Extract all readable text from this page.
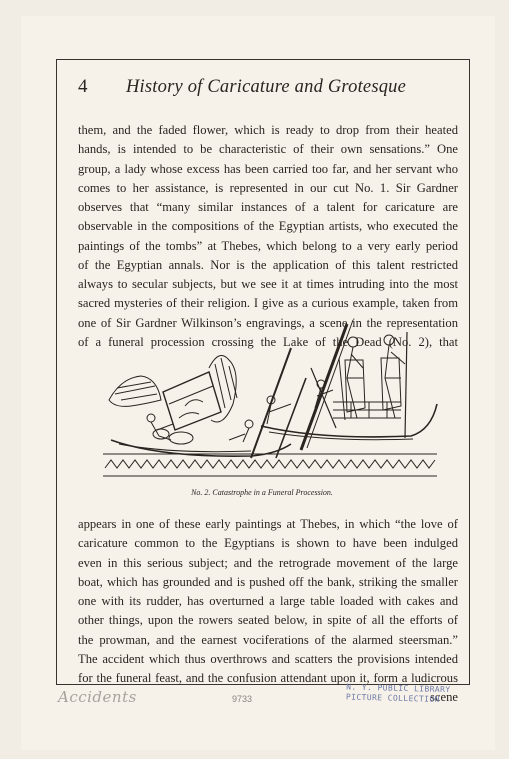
4 History of Caricature and Grotesque
them, and the faded flower, which is ready to drop from their heated
hands, is intended to be characteristic of their own sensations.” One
group, a lady whose excess has been carried too far, and her servant who
comes to her assistance, is represented in our cut No. 1. Sir Gardner
observes that “many similar instances of a talent for caricature are
observable in the compositions of the Egyptian artists, who executed the
paintings of the tombs” at Thebes, which belong to a very early period
of the Egyptian annals. Nor is the application of this talent restricted
always to secular subjects, but we see it at times intruding into the most
sacred mysteries of their religion. I give as a curious example, taken from
one of Sir Gardner Wilkinson’s engravings, a scene in the representation
of a funeral procession crossing the Lake of the Dead (No. 2), that
No. 2. Catastrophe in a Funeral Procession.
appears in one of these early paintings at Thebes, in which “the love of
caricature common to the Egyptians is shown to have been indulged
even in this serious subject; and the retrograde movement of the large
boat, which has grounded and is pushed off the bank, striking the smaller
one with its rudder, has overturned a large table loaded with cakes and
other things, upon the rowers seated below, in spite of all the efforts of
the prowman, and the earnest vociferations of the alarmed steersman.”
The accident which thus overthrows and scatters the provisions intended
for the funeral feast, and the confusion attendant upon it, form a ludicrous
scene
9733
Accidents	N. Y. PUBLIC LIBRARY
PICTURE COLLECTION
